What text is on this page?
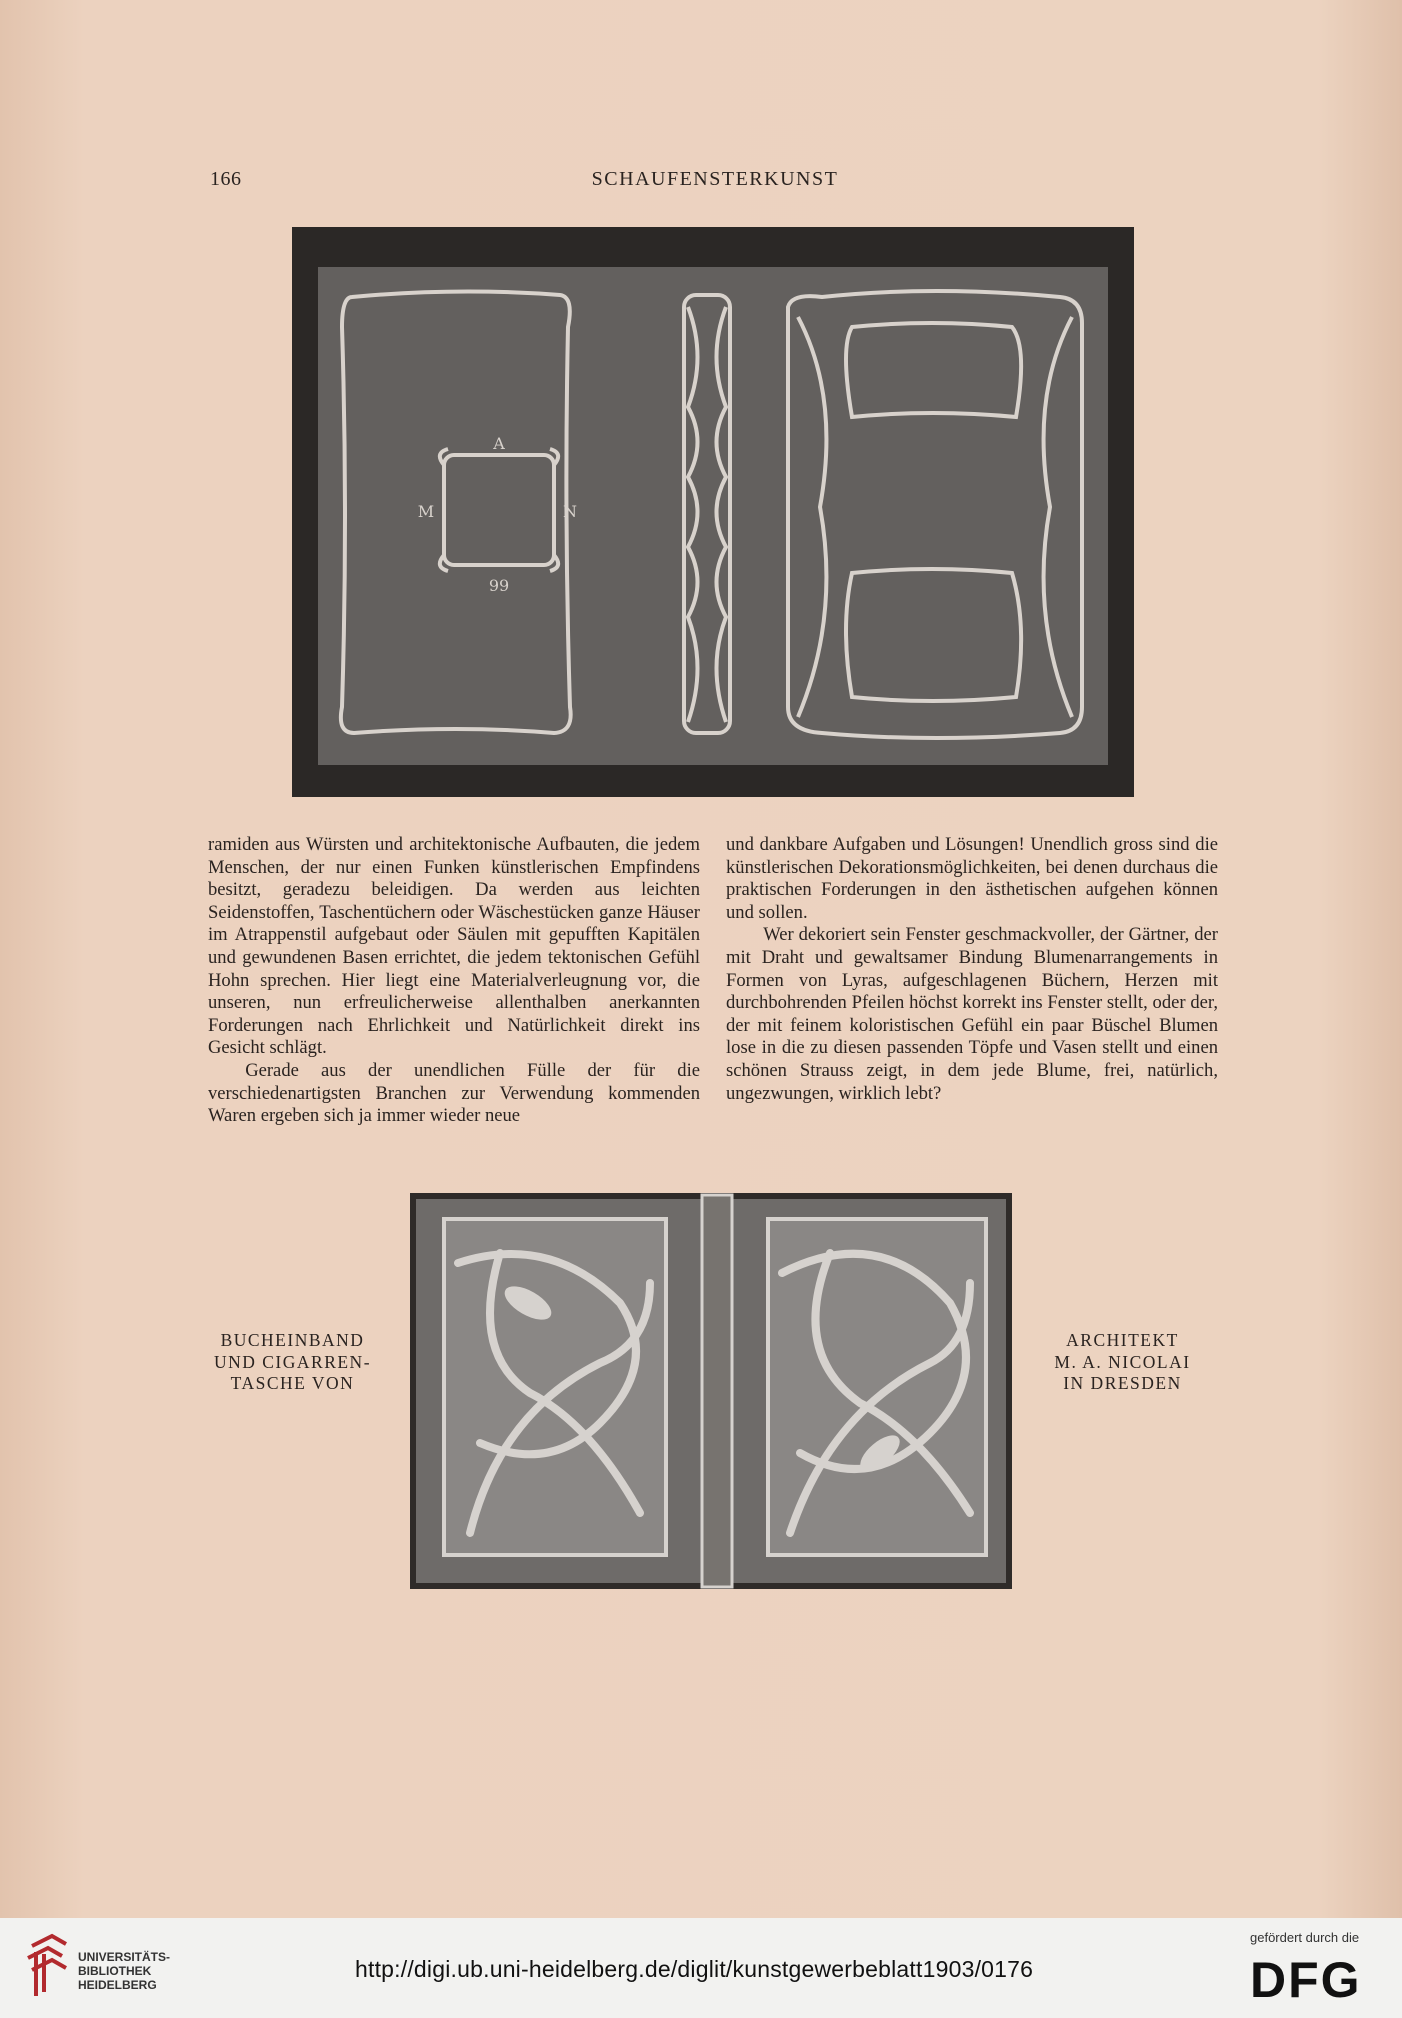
166	SCHAUFENSTERKUNST
A
M	N
99

ramiden aus Würsten und architektonische Aufbauten, die jedem Menschen, der nur einen Funken künstlerischen Empfindens besitzt, geradezu beleidigen. Da werden aus leichten Seidenstoffen, Taschentüchern oder Wäschestücken ganze Häuser im Atrappenstil aufgebaut oder Säulen mit gepufften Kapitälen und gewundenen Basen errichtet, die jedem tektonischen Gefühl Hohn sprechen. Hier liegt eine Materialverleugnung vor, die unseren, nun erfreulicherweise allenthalben anerkannten Forderungen nach Ehrlichkeit und Natürlichkeit direkt ins Gesicht schlägt.

Gerade aus der unendlichen Fülle der für die verschiedenartigsten Branchen zur Verwendung kommenden Waren ergeben sich ja immer wieder neue

und dankbare Aufgaben und Lösungen! Unendlich gross sind die künstlerischen Dekorationsmöglichkeiten, bei denen durchaus die praktischen Forderungen in den ästhetischen aufgehen können und sollen.

Wer dekoriert sein Fenster geschmackvoller, der Gärtner, der mit Draht und gewaltsamer Bindung Blumenarrangements in Formen von Lyras, aufgeschlagenen Büchern, Herzen mit durchbohrenden Pfeilen höchst korrekt ins Fenster stellt, oder der, der mit feinem koloristischen Gefühl ein paar Büschel Blumen lose in die zu diesen passenden Töpfe und Vasen stellt und einen schönen Strauss zeigt, in dem jede Blume, frei, natürlich, ungezwungen, wirklich lebt?

BUCHEINBAND
UND CIGARREN-
TASCHE VON
ARCHITEKT
M. A. NICOLAI
IN DRESDEN
UNIVERSITÄTS-
BIBLIOTHEK
HEIDELBERG
http://digi.ub.uni-heidelberg.de/diglit/kunstgewerbeblatt1903/0176
gefördert durch die
DFG
